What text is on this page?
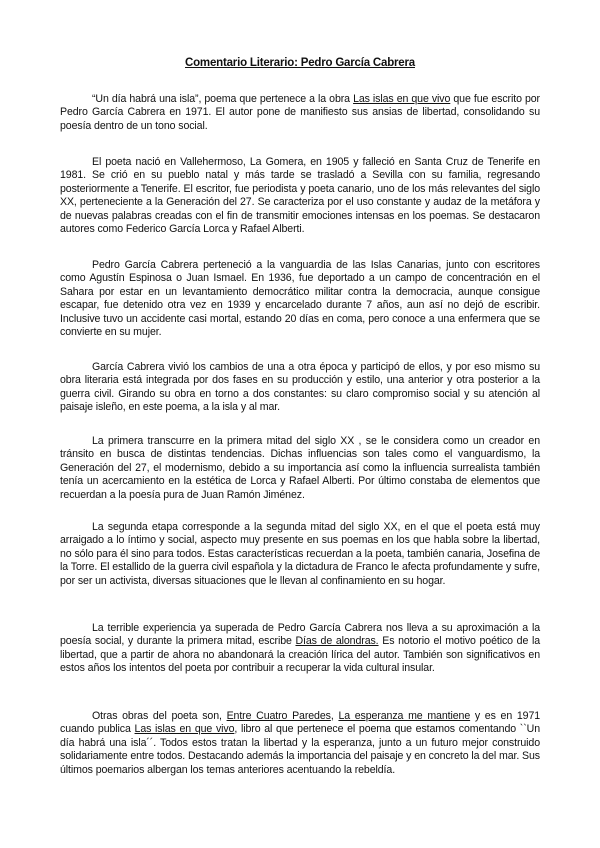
Comentario Literario: Pedro García Cabrera

“Un día habrá una isla”, poema que pertenece a la obra Las islas en que vivo que fue escrito por Pedro García Cabrera en 1971. El autor pone de manifiesto sus ansias de libertad, consolidando su poesía dentro de un tono social.

El poeta nació en Vallehermoso, La Gomera, en 1905 y falleció en Santa Cruz de Tenerife en 1981. Se crió en su pueblo natal y más tarde se trasladó a Sevilla con su familia, regresando posteriormente a Tenerife. El escritor, fue periodista y poeta canario, uno de los más relevantes del siglo XX, perteneciente a la Generación del 27. Se caracteriza por el uso constante y audaz de la metáfora y de nuevas palabras creadas con el fin de transmitir emociones intensas en los poemas. Se destacaron autores como Federico García Lorca y Rafael Alberti.

Pedro García Cabrera perteneció a la vanguardia de las Islas Canarias, junto con escritores como Agustín Espinosa o Juan Ismael. En 1936, fue deportado a un campo de concentración en el Sahara por estar en un levantamiento democrático militar contra la democracia, aunque consigue escapar, fue detenido otra vez en 1939 y encarcelado durante 7 años, aun así no dejó de escribir. Inclusive tuvo un accidente casi mortal, estando 20 días en coma, pero conoce a una enfermera que se convierte en su mujer.

García Cabrera vivió los cambios de una a otra época y participó de ellos, y por eso mismo su obra literaria está integrada por dos fases en su producción y estilo, una anterior y otra posterior a la guerra civil. Girando su obra en torno a dos constantes: su claro compromiso social y su atención al paisaje isleño, en este poema, a la isla y al mar.

La primera transcurre en la primera mitad del siglo XX , se le considera como un creador en tránsito en busca de distintas tendencias. Dichas influencias son tales como el vanguardismo, la Generación del 27, el modernismo, debido a su importancia así como la influencia surrealista también tenía un acercamiento en la estética de Lorca y Rafael Alberti. Por último constaba de elementos que recuerdan a la poesía pura de Juan Ramón Jiménez.

La segunda etapa corresponde a la segunda mitad del siglo XX, en el que el poeta está muy arraigado a lo íntimo y social, aspecto muy presente en sus poemas en los que habla sobre la libertad, no sólo para él sino para todos. Estas características recuerdan a la poeta, también canaria, Josefina de la Torre. El estallido de la guerra civil española y la dictadura de Franco le afecta profundamente y sufre, por ser un activista, diversas situaciones que le llevan al confinamiento en su hogar.

La terrible experiencia ya superada de Pedro García Cabrera nos lleva a su aproximación a la poesía social, y durante la primera mitad, escribe Días de alondras. Es notorio el motivo poético de la libertad, que a partir de ahora no abandonará la creación lírica del autor. También son significativos en estos años los intentos del poeta por contribuir a recuperar la vida cultural insular.

Otras obras del poeta son, Entre Cuatro Paredes, La esperanza me mantiene y es en 1971 cuando publica Las islas en que vivo, libro al que pertenece el poema que estamos comentando ``Un día habrá una isla´´. Todos estos tratan la libertad y la esperanza, junto a un futuro mejor construido solidariamente entre todos. Destacando además la importancia del paisaje y en concreto la del mar. Sus últimos poemarios albergan los temas anteriores acentuando la rebeldía.
